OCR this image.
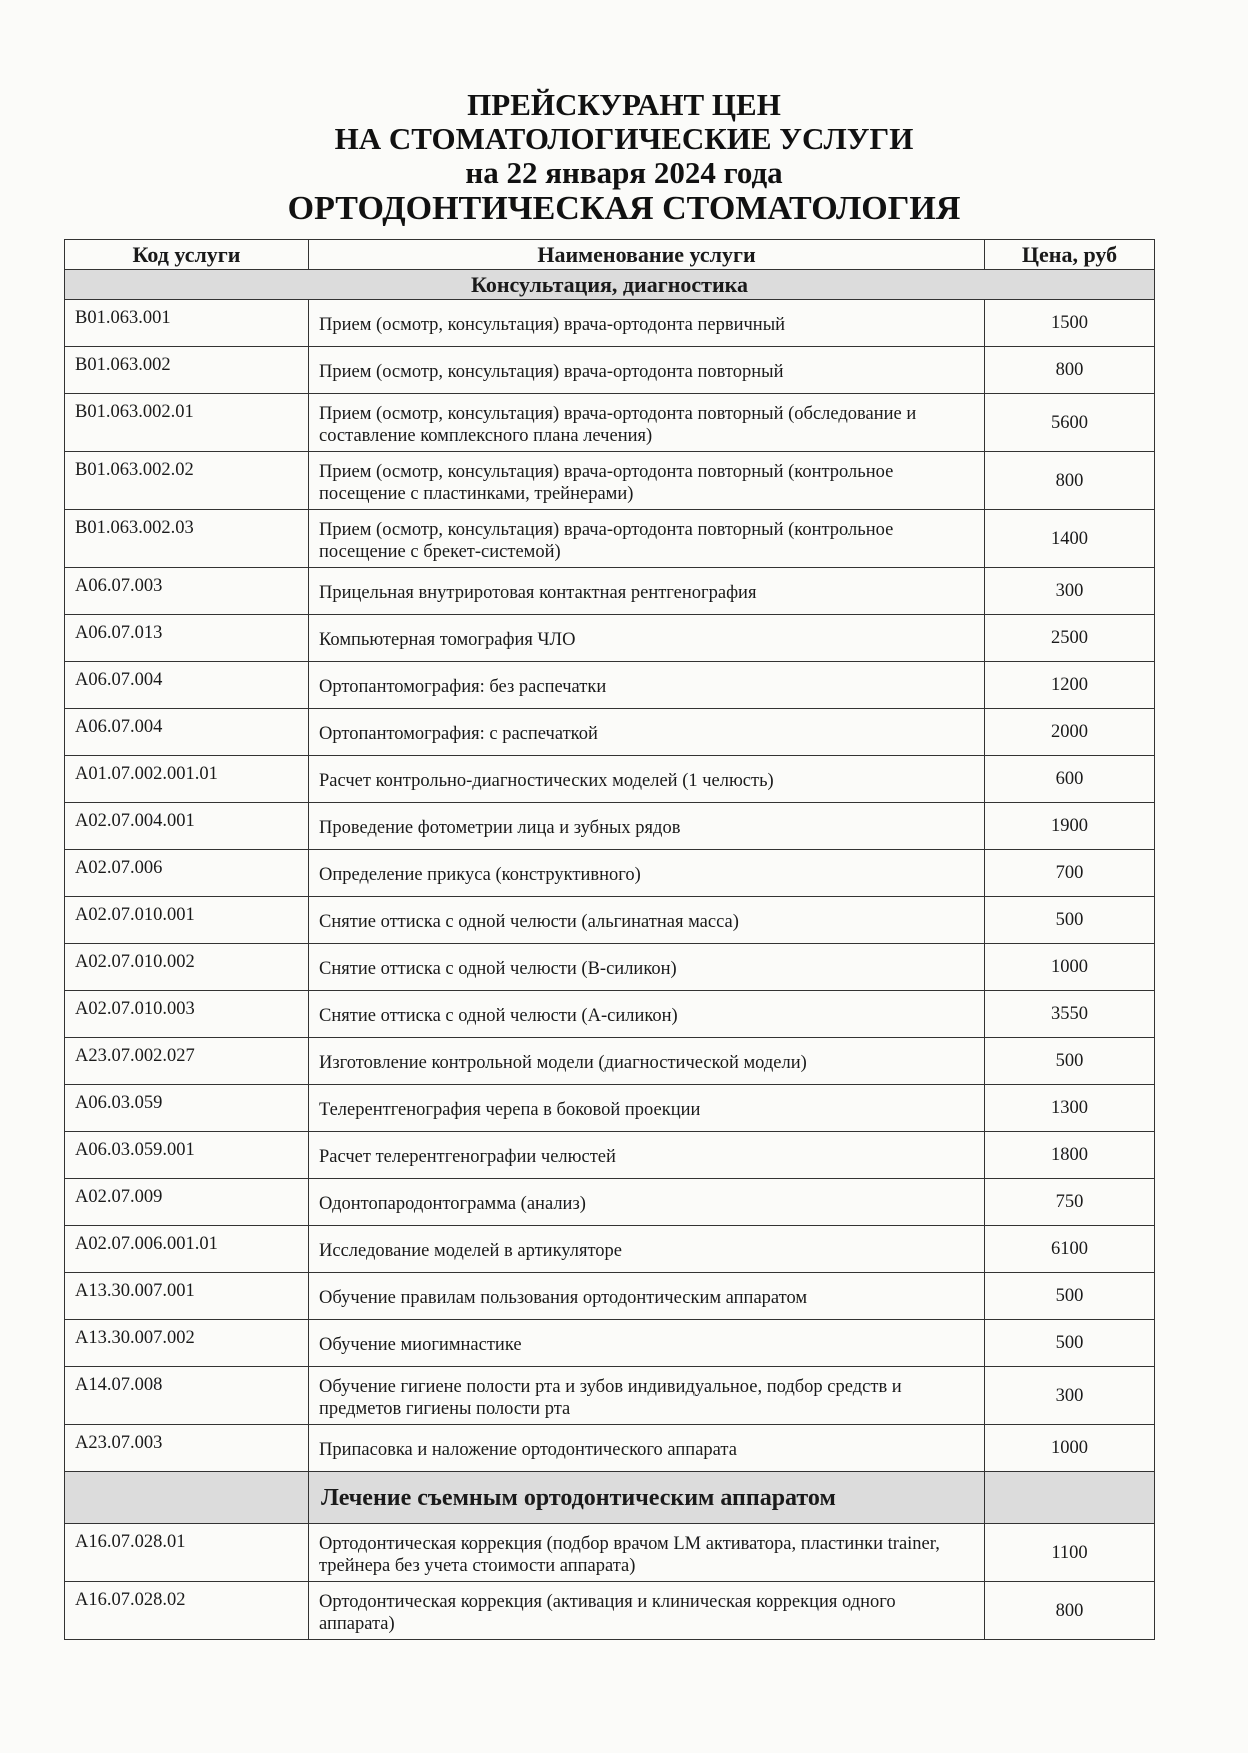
ПРЕЙСКУРАНТ ЦЕН
НА СТОМАТОЛОГИЧЕСКИЕ УСЛУГИ
на 22 января 2024 года
ОРТОДОНТИЧЕСКАЯ СТОМАТОЛОГИЯ
Код услуги	Наименование услуги	Цена, руб
Консультация, диагностика		
B01.063.001	Прием (осмотр, консультация) врача-ортодонта первичный	1500
B01.063.002	Прием (осмотр, консультация) врача-ортодонта повторный	800
B01.063.002.01	Прием (осмотр, консультация) врача-ортодонта повторный (обследование и составление комплексного плана лечения)	5600
B01.063.002.02	Прием (осмотр, консультация) врача-ортодонта повторный (контрольное посещение с пластинками, трейнерами)	800
B01.063.002.03	Прием (осмотр, консультация) врача-ортодонта повторный (контрольное посещение с брекет-системой)	1400
A06.07.003	Прицельная внутриротовая контактная рентгенография	300
A06.07.013	Компьютерная томография ЧЛО	2500
A06.07.004	Ортопантомография: без распечатки	1200
A06.07.004	Ортопантомография: с распечаткой	2000
A01.07.002.001.01	Расчет контрольно-диагностических моделей (1 челюсть)	600
A02.07.004.001	Проведение фотометрии лица и зубных рядов	1900
A02.07.006	Определение прикуса (конструктивного)	700
A02.07.010.001	Снятие оттиска с одной челюсти (альгинатная масса)	500
A02.07.010.002	Снятие оттиска с одной челюсти (В-силикон)	1000
A02.07.010.003	Снятие оттиска с одной челюсти (А-силикон)	3550
A23.07.002.027	Изготовление контрольной модели (диагностической модели)	500
A06.03.059	Телерентгенография черепа в боковой проекции	1300
A06.03.059.001	Расчет телерентгенографии челюстей	1800
A02.07.009	Одонтопародонтограмма (анализ)	750
A02.07.006.001.01	Исследование моделей в артикуляторе	6100
A13.30.007.001	Обучение правилам пользования ортодонтическим аппаратом	500
A13.30.007.002	Обучение миогимнастике	500
A14.07.008	Обучение гигиене полости рта и зубов индивидуальное, подбор средств и предметов гигиены полости рта	300
A23.07.003	Припасовка и наложение ортодонтического аппарата	1000
	Лечение съемным ортодонтическим аппаратом	
A16.07.028.01	Ортодонтическая коррекция (подбор врачом LM активатора, пластинки trainer, трейнера без учета стоимости аппарата)	1100
A16.07.028.02	Ортодонтическая коррекция (активация и клиническая коррекция одного аппарата)	800
